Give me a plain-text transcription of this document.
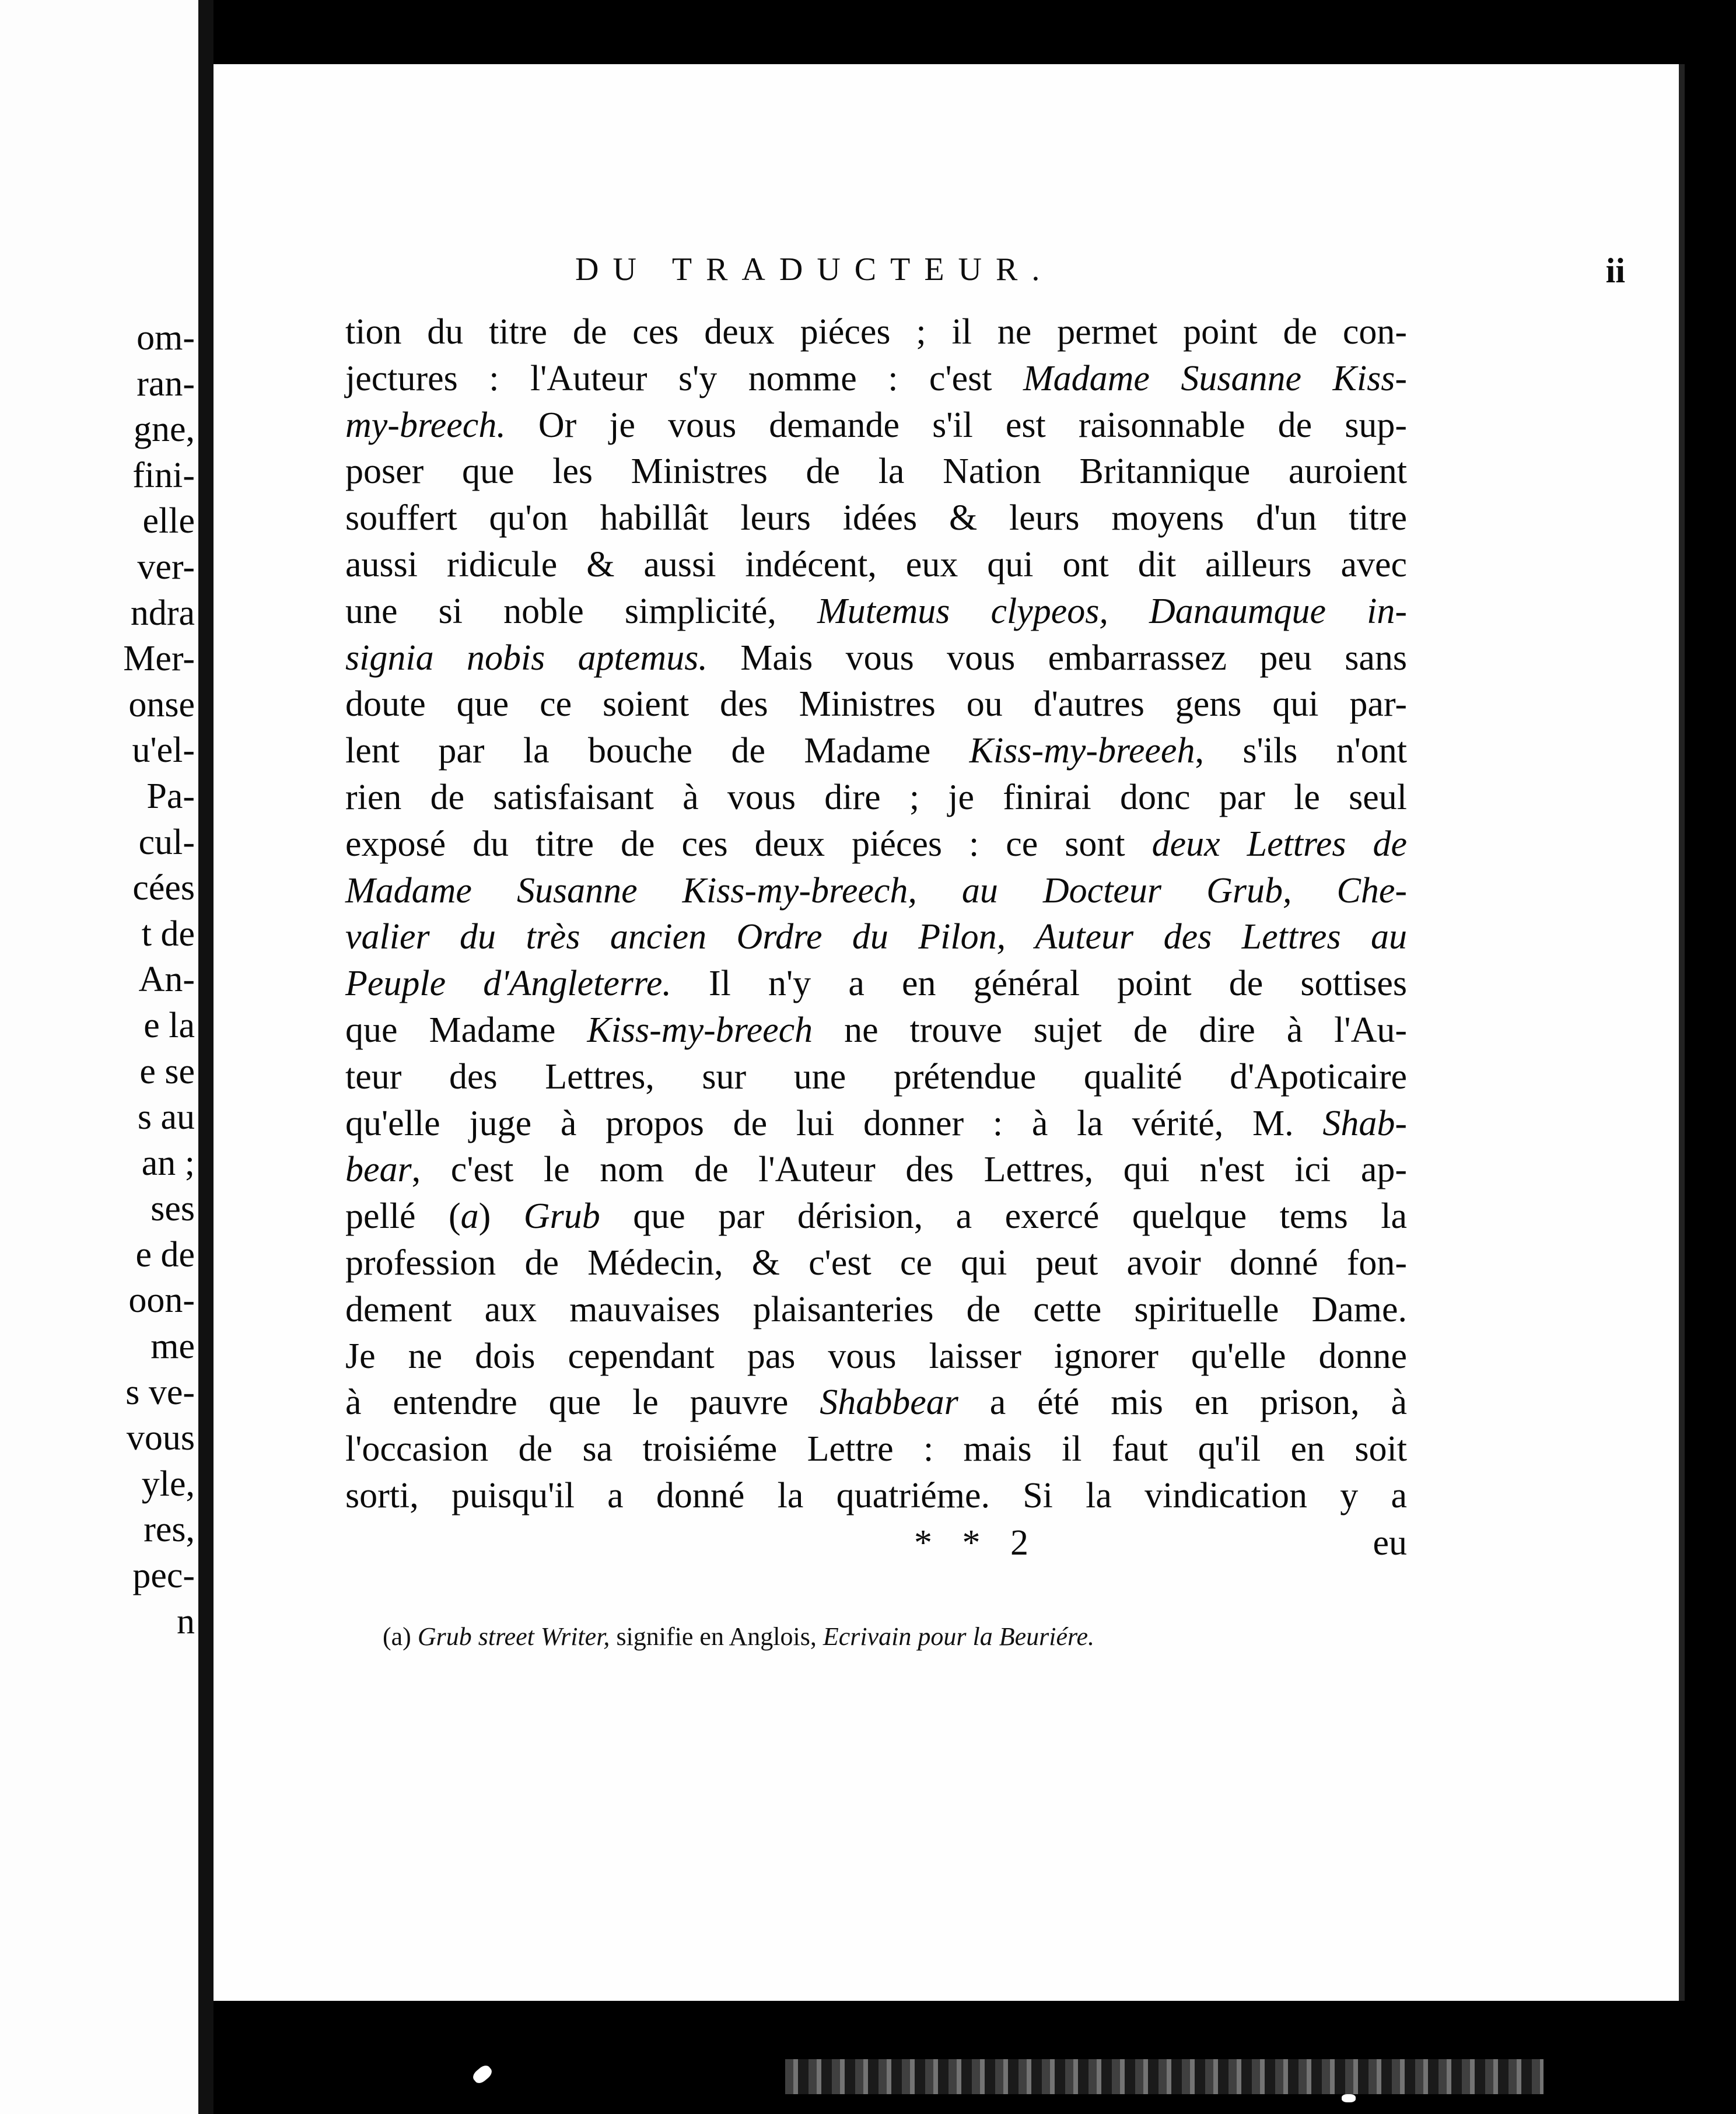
om-
ran-
gne,
fini-
elle
ver-
ndra
Mer-
onse
u'el-
Pa-
cul-
cées
t de
An-
e la
e se
s au
an ;
ses
e de
oon-
me
s ve-
vous
yle,
res,
pec-
n
DU TRADUCTEUR.	ii
tion du titre de ces deux piéces ; il ne permet point de con-
jectures : l'Auteur s'y nomme : c'est Madame Susanne Kiss-
my-breech. Or je vous demande s'il est raisonnable de sup-
poser que les Ministres de la Nation Britannique auroient
souffert qu'on habillât leurs idées & leurs moyens d'un titre
aussi ridicule & aussi indécent, eux qui ont dit ailleurs avec
une si noble simplicité, Mutemus clypeos, Danaumque in-
signia nobis aptemus. Mais vous vous embarrassez peu sans
doute que ce soient des Ministres ou d'autres gens qui par-
lent par la bouche de Madame Kiss-my-breeeh, s'ils n'ont
rien de satisfaisant à vous dire ; je finirai donc par le seul
exposé du titre de ces deux piéces : ce sont deux Lettres de
Madame Susanne Kiss-my-breech, au Docteur Grub, Che-
valier du très ancien Ordre du Pilon, Auteur des Lettres au
Peuple d'Angleterre. Il n'y a en général point de sottises
que Madame Kiss-my-breech ne trouve sujet de dire à l'Au-
teur des Lettres, sur une prétendue qualité d'Apoticaire
qu'elle juge à propos de lui donner : à la vérité, M. Shab-
bear, c'est le nom de l'Auteur des Lettres, qui n'est ici ap-
pellé (a) Grub que par dérision, a exercé quelque tems la
profession de Médecin, & c'est ce qui peut avoir donné fon-
dement aux mauvaises plaisanteries de cette spirituelle Dame.
Je ne dois cependant pas vous laisser ignorer qu'elle donne
à entendre que le pauvre Shabbear a été mis en prison, à
l'occasion de sa troisiéme Lettre : mais il faut qu'il en soit
sorti, puisqu'il a donné la quatriéme. Si la vindication y a
* * 2	eu
(a) Grub street Writer, signifie en Anglois, Ecrivain pour la Beuriére.
